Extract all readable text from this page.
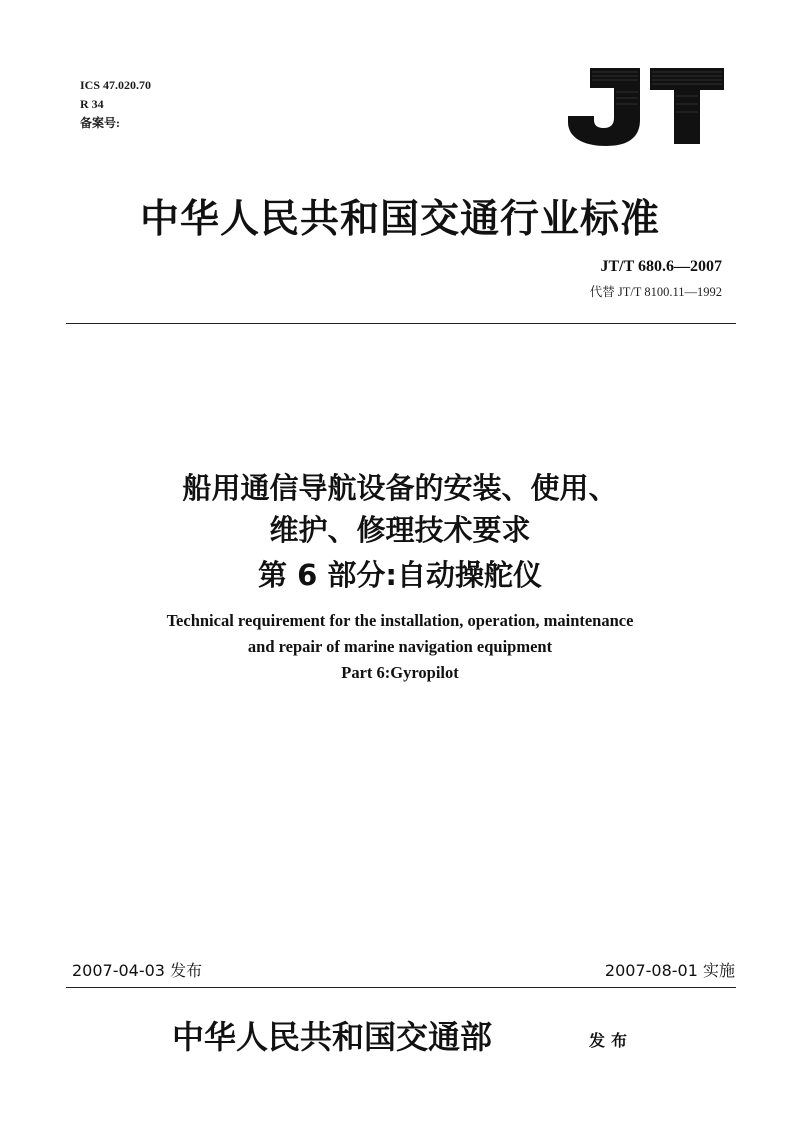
ICS 47.020.70
R 34
备案号:
中华人民共和国交通行业标准
JT/T 680.6—2007
代替 JT/T 8100.11—1992
船用通信导航设备的安装、使用、
维护、修理技术要求
第 6 部分:自动操舵仪
Technical requirement for the installation, operation, maintenance
and repair of marine navigation equipment
Part 6:Gyropilot
2007-04-03 发布	2007-08-01 实施
中华人民共和国交通部	发布
